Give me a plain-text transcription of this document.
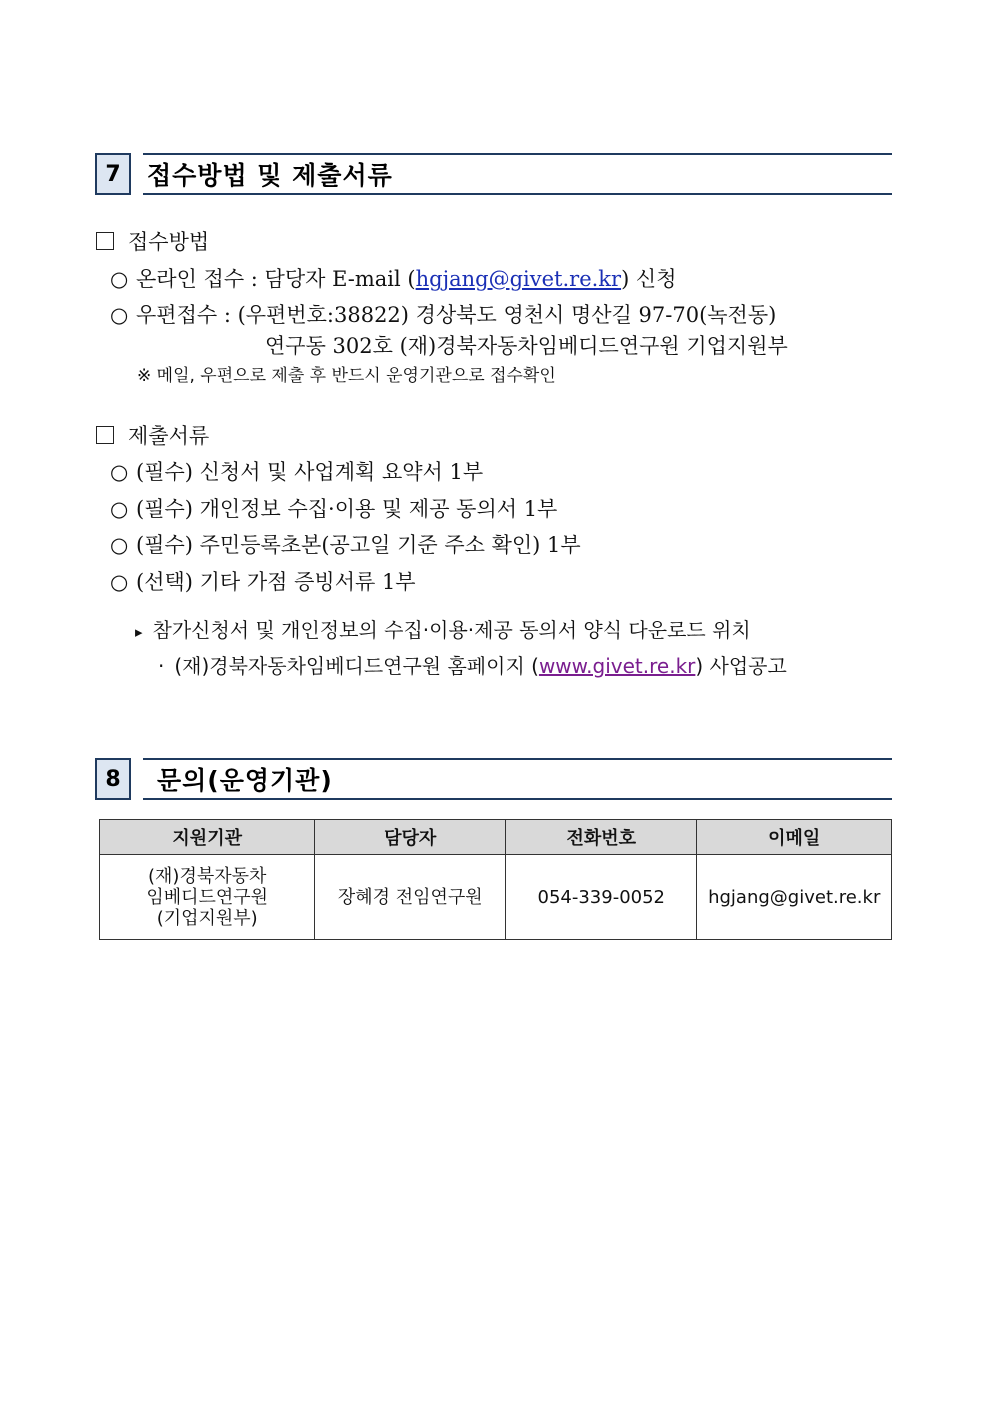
7	접수방법 및 제출서류
접수방법
○ 온라인 접수 : 담당자 E-mail (hgjang@givet.re.kr) 신청
○ 우편접수 : (우편번호:38822) 경상북도 영천시 명산길 97-70(녹전동)
연구동 302호 (재)경북자동차임베디드연구원 기업지원부
※ 메일, 우편으로 제출 후 반드시 운영기관으로 접수확인
제출서류
○ (필수) 신청서 및 사업계획 요약서 1부
○ (필수) 개인정보 수집·이용 및 제공 동의서 1부
○ (필수) 주민등록초본(공고일 기준 주소 확인) 1부
○ (선택) 기타 가점 증빙서류 1부
▸ 참가신청서 및 개인정보의 수집·이용·제공 동의서 양식 다운로드 위치
· (재)경북자동차임베디드연구원 홈페이지 (www.givet.re.kr) 사업공고
8	문의(운영기관)
지원기관	담당자	전화번호	이메일

(재)경북자동차
임베디드연구원
(기업지원부)	장혜경 전임연구원	054-339-0052	hgjang@givet.re.kr
